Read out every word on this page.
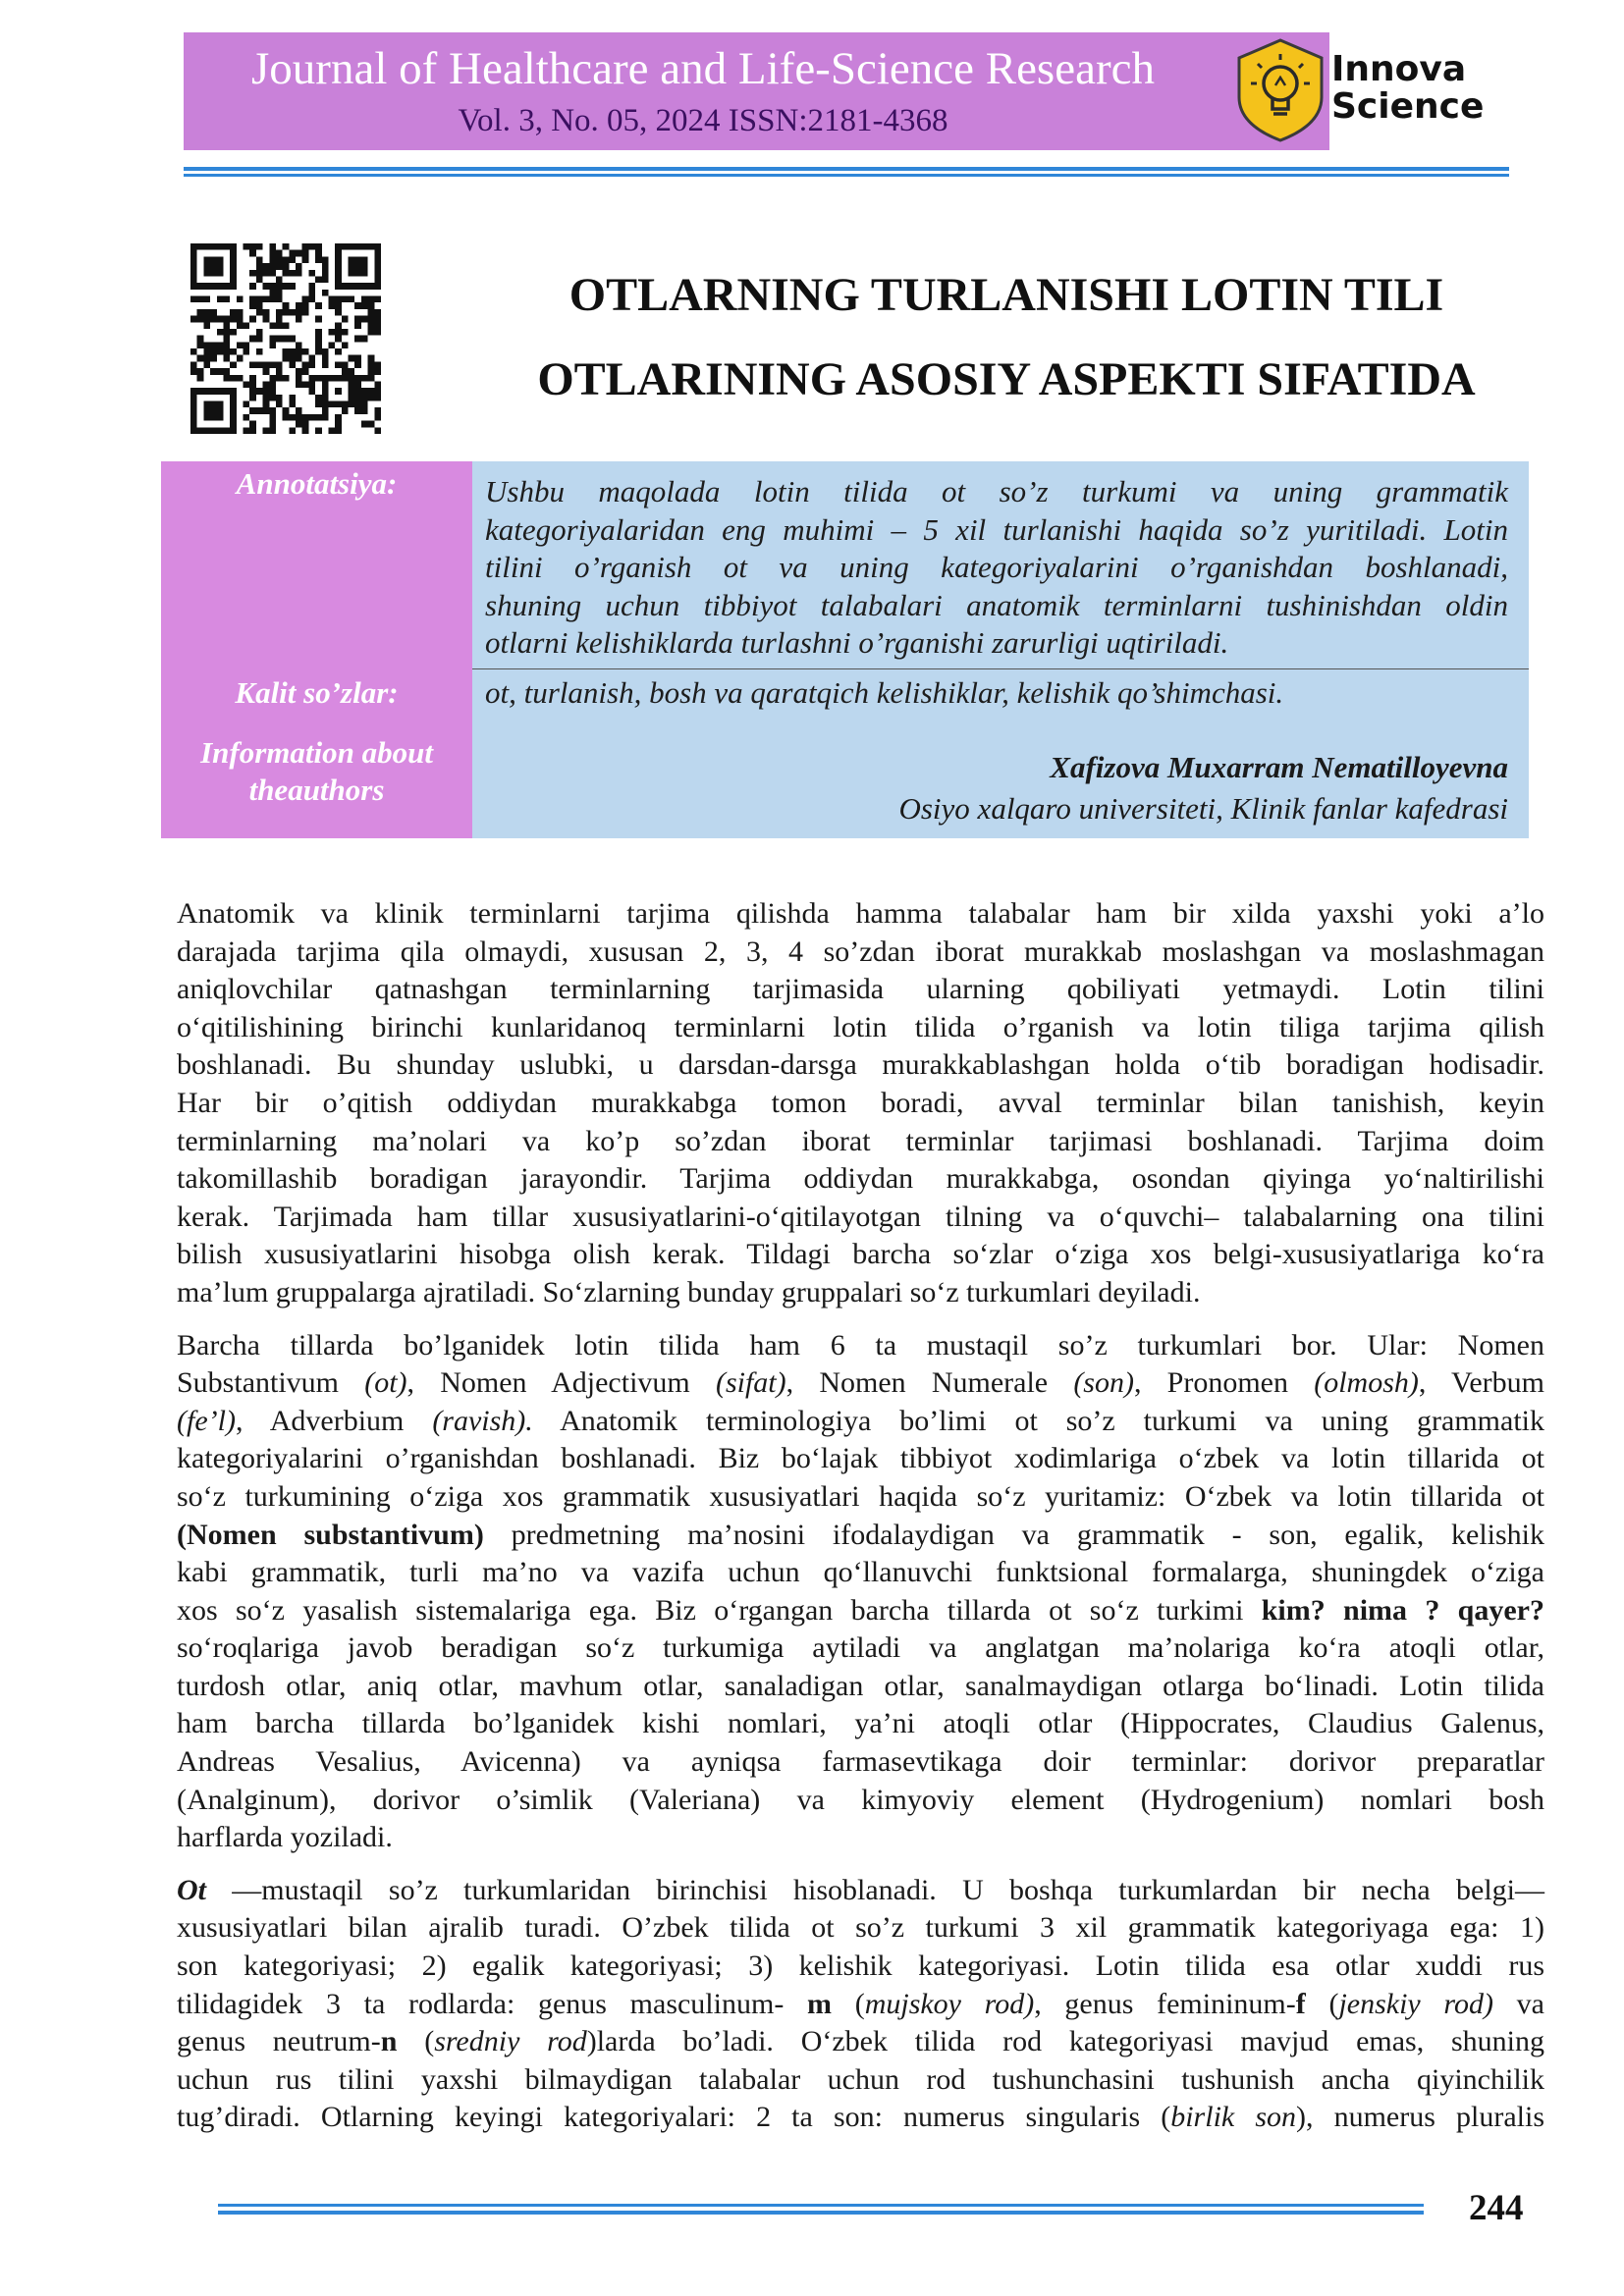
Journal of Healthcare and Life-Science Research
Vol. 3, No. 05, 2024 ISSN:2181-4368
Innova
Science
OTLARNING TURLANISHI LOTIN TILI
OTLARINING ASOSIY ASPEKTI SIFATIDA
Annotatsiya:
Kalit so’zlar:
Information about
theauthors
Ushbu maqolada lotin tilida ot so’z turkumi va uning grammatik
kategoriyalaridan eng muhimi – 5 xil turlanishi haqida so’z yuritiladi. Lotin
tilini o’rganish ot va uning kategoriyalarini o’rganishdan boshlanadi,
shuning uchun tibbiyot talabalari anatomik terminlarni tushinishdan oldin
otlarni kelishiklarda turlashni o’rganishi zarurligi uqtiriladi.
ot, turlanish, bosh va qaratqich kelishiklar, kelishik qo’shimchasi.
Xafizova Muxarram Nematilloyevna
Osiyo xalqaro universiteti, Klinik fanlar kafedrasi
Anatomik va klinik terminlarni tarjima qilishda hamma talabalar ham bir xilda yaxshi yoki a’lo
darajada tarjima qila olmaydi, xususan 2, 3, 4 so’zdan iborat murakkab moslashgan va moslashmagan
aniqlovchilar qatnashgan terminlarning tarjimasida ularning qobiliyati yetmaydi. Lotin tilini
o‘qitilishining birinchi kunlaridanoq terminlarni lotin tilida o’rganish va lotin tiliga tarjima qilish
boshlanadi. Bu shunday uslubki, u darsdan-darsga murakkablashgan holda o‘tib boradigan hodisadir.
Har bir o’qitish oddiydan murakkabga tomon boradi, avval terminlar bilan tanishish, keyin
terminlarning ma’nolari va ko’p so’zdan iborat terminlar tarjimasi boshlanadi. Tarjima doim
takomillashib boradigan jarayondir. Tarjima oddiydan murakkabga, osondan qiyinga yo‘naltirilishi
kerak. Tarjimada ham tillar xususiyatlarini-o‘qitilayotgan tilning va o‘quvchi– talabalarning ona tilini
bilish xususiyatlarini hisobga olish kerak. Tildagi barcha so‘zlar o‘ziga xos belgi-xususiyatlariga ko‘ra
ma’lum gruppalarga ajratiladi. So‘zlarning bunday gruppalari so‘z turkumlari deyiladi.
Barcha tillarda bo’lganidek lotin tilida ham 6 ta mustaqil so’z turkumlari bor. Ular: Nomen
Substantivum (ot), Nomen Adjectivum (sifat), Nomen Numerale (son), Pronomen (olmosh), Verbum
(fe’l), Adverbium (ravish). Anatomik terminologiya bo’limi ot so’z turkumi va uning grammatik
kategoriyalarini o’rganishdan boshlanadi. Biz bo‘lajak tibbiyot xodimlariga o‘zbek va lotin tillarida ot
so‘z turkumining o‘ziga xos grammatik xususiyatlari haqida so‘z yuritamiz: O‘zbek va lotin tillarida ot
(Nomen substantivum) predmetning ma’nosini ifodalaydigan va grammatik - son, egalik, kelishik
kabi grammatik, turli ma’no va vazifa uchun qo‘llanuvchi funktsional formalarga, shuningdek o‘ziga
xos so‘z yasalish sistemalariga ega. Biz o‘rgangan barcha tillarda ot so‘z turkimi kim? nima ? qayer?
so‘roqlariga javob beradigan so‘z turkumiga aytiladi va anglatgan ma’nolariga ko‘ra atoqli otlar,
turdosh otlar, aniq otlar, mavhum otlar, sanaladigan otlar, sanalmaydigan otlarga bo‘linadi. Lotin tilida
ham barcha tillarda bo’lganidek kishi nomlari, ya’ni atoqli otlar (Hippocrates, Claudius Galenus,
Andreas Vesalius, Avicenna) va ayniqsa farmasevtikaga doir terminlar: dorivor preparatlar
(Analginum), dorivor o’simlik (Valeriana) va kimyoviy element (Hydrogenium) nomlari bosh
harflarda yoziladi.
Ot —mustaqil so’z turkumlaridan birinchisi hisoblanadi. U boshqa turkumlardan bir necha belgi—
xususiyatlari bilan ajralib turadi. O’zbek tilida ot so’z turkumi 3 xil grammatik kategoriyaga ega: 1)
son kategoriyasi; 2) egalik kategoriyasi; 3) kelishik kategoriyasi. Lotin tilida esa otlar xuddi rus
tilidagidek 3 ta rodlarda: genus masculinum- m (mujskoy rod), genus femininum-f (jenskiy rod) va
genus neutrum-n (sredniy rod)larda bo’ladi. O‘zbek tilida rod kategoriyasi mavjud emas, shuning
uchun rus tilini yaxshi bilmaydigan talabalar uchun rod tushunchasini tushunish ancha qiyinchilik
tug’diradi. Otlarning keyingi kategoriyalari: 2 ta son: numerus singularis (birlik son), numerus pluralis
244
